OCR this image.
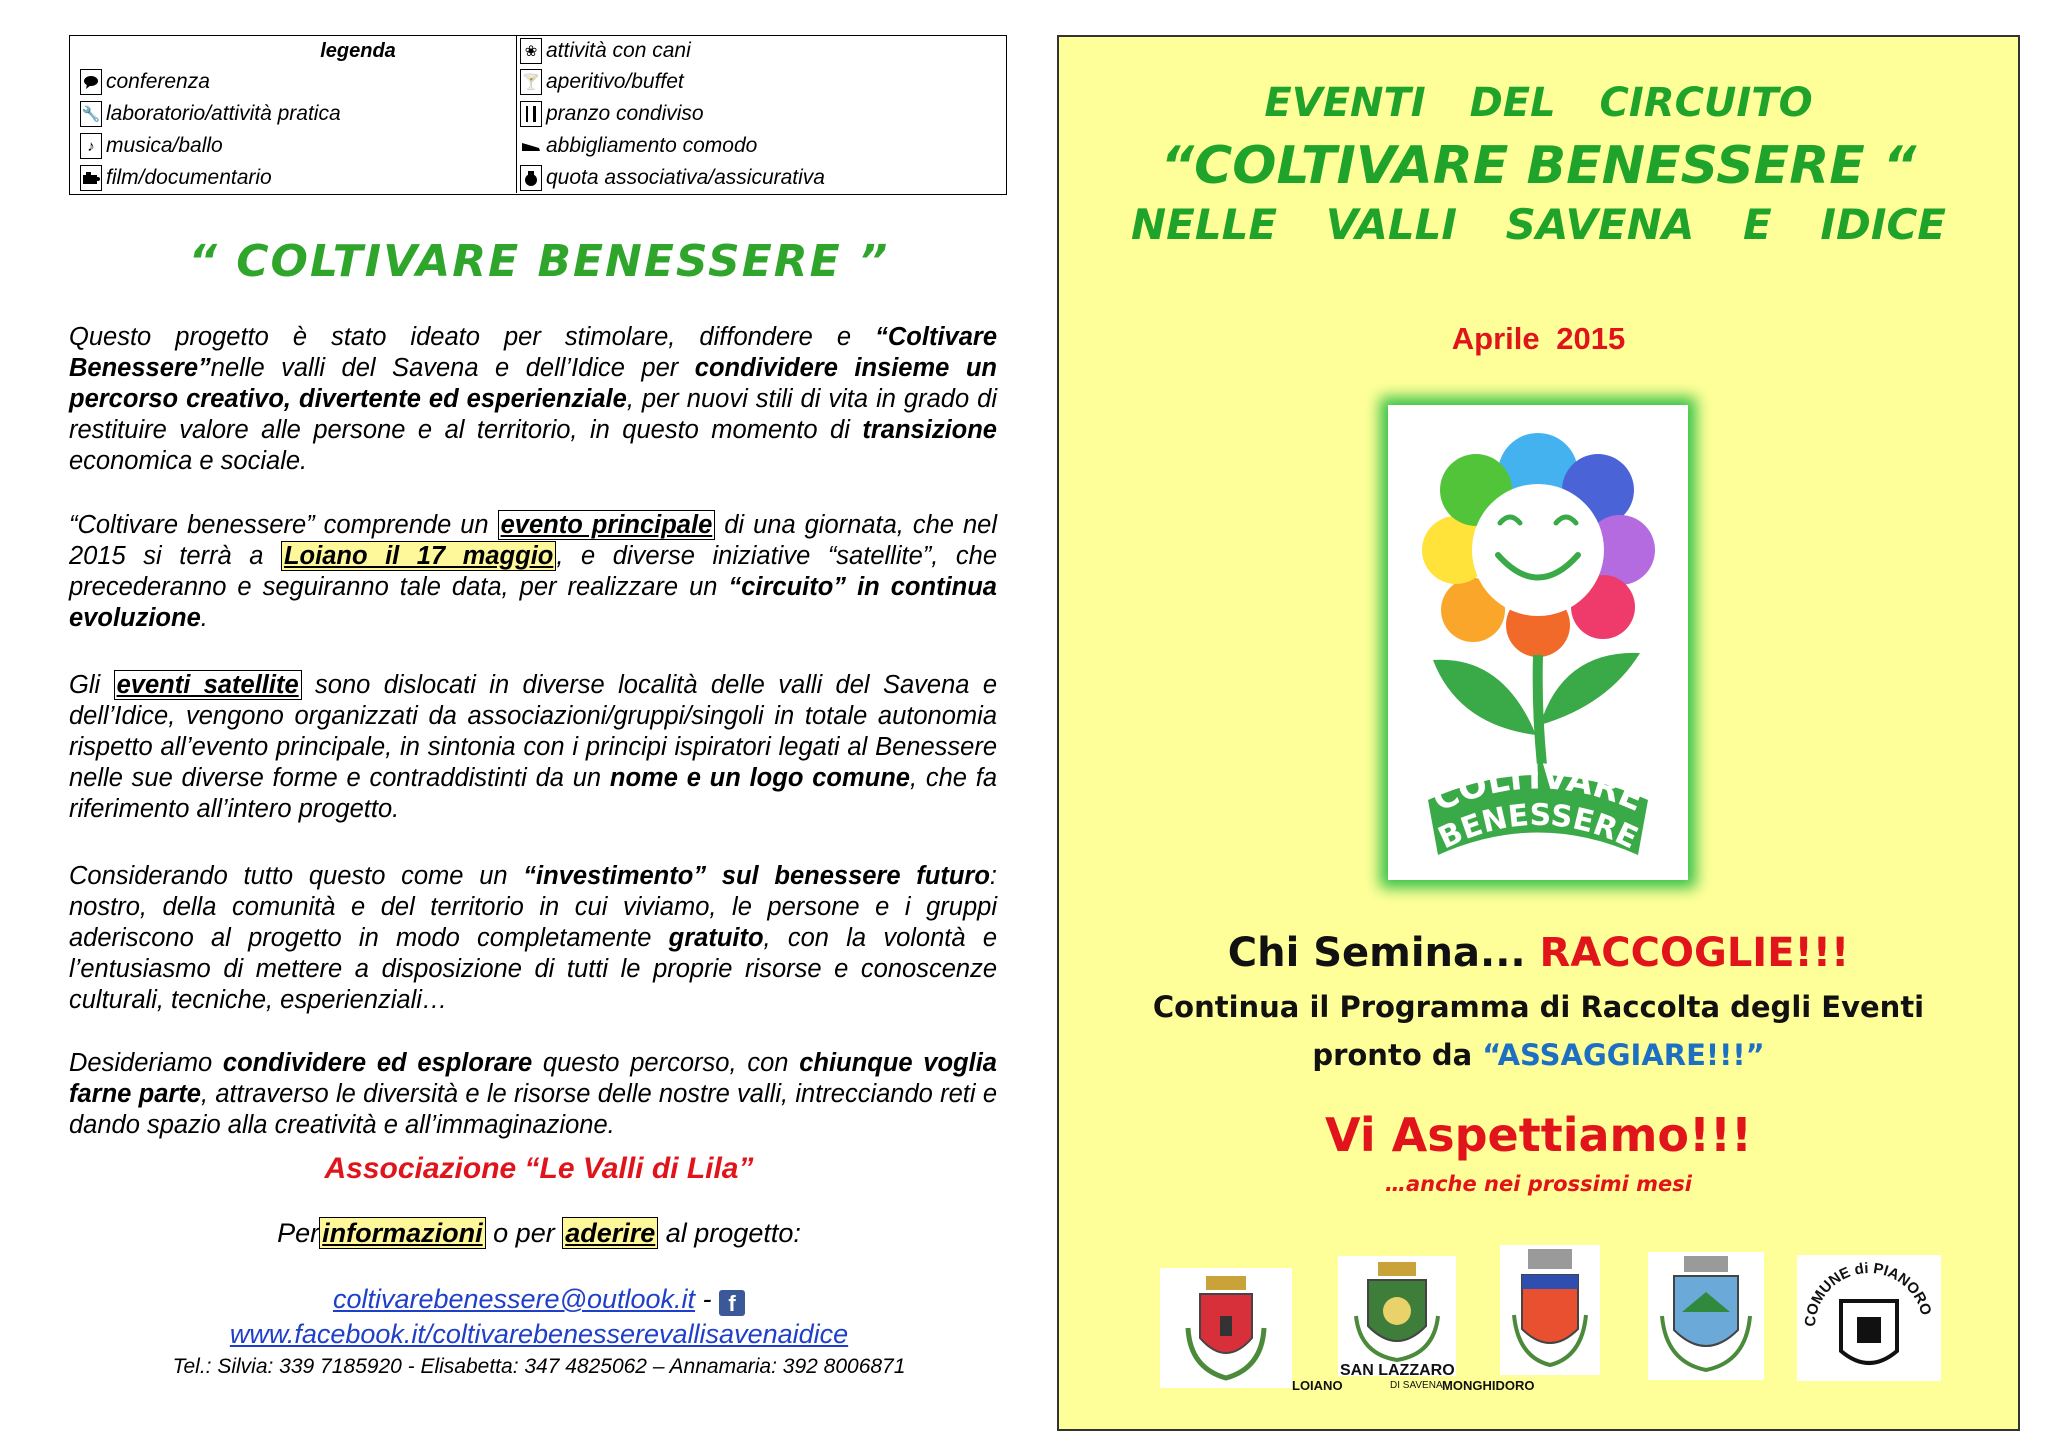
legenda
conferenza
🔧 laboratorio/attività pratica
♪ musica/ballo
film/documentario
❀ attività con cani
🍸 aperitivo/buffet
pranzo condiviso
abbigliamento comodo
quota associativa/assicurativa
“ COLTIVARE BENESSERE ”
Questo progetto è stato ideato per stimolare, diffondere e “Coltivare Benessere”nelle valli del Savena e dell’Idice per condividere insieme un percorso creativo, divertente ed esperienziale, per nuovi stili di vita in grado di restituire valore alle persone e al territorio, in questo momento di transizione economica e sociale.
“Coltivare benessere” comprende un evento principale di una giornata, che nel 2015 si terrà a Loiano il 17 maggio , e diverse iniziative “satellite”, che precederanno e seguiranno tale data, per realizzare un “circuito” in continua evoluzione.
Gli eventi satellite sono dislocati in diverse località delle valli del Savena e dell’Idice, vengono organizzati da associazioni/gruppi/singoli in totale autonomia rispetto all’evento principale, in sintonia con i principi ispiratori legati al Benessere nelle sue diverse forme e contraddistinti da un nome e un logo comune, che fa riferimento all’intero progetto.
Considerando tutto questo come un “investimento” sul benessere futuro: nostro, della comunità e del territorio in cui viviamo, le persone e i gruppi aderiscono al progetto in modo completamente gratuito, con la volontà e l’entusiasmo di mettere a disposizione di tutti le proprie risorse e conoscenze culturali, tecniche, esperienziali…
Desideriamo condividere ed esplorare questo percorso, con chiunque voglia farne parte, attraverso le diversità e le risorse delle nostre valli, intrecciando reti e dando spazio alla creatività e all’immaginazione.
Associazione “Le Valli di Lila”
Per informazioni o per aderire al progetto:
coltivarebenessere@outlook.it - f
www.facebook.it/coltivarebenesserevallisavenaidice
Tel.: Silvia: 339 7185920 - Elisabetta: 347 4825062 – Annamaria: 392 8006871
EVENTI DEL CIRCUITO
“COLTIVARE BENESSERE “
NELLE VALLI SAVENA E IDICE
Aprile 2015
COLTIVARE
BENESSERE
Chi Semina... RACCOGLIE!!!
Continua il Programma di Raccolta degli Eventi
pronto da “ASSAGGIARE!!!”
Vi Aspettiamo!!!
…anche nei prossimi mesi
LOIANO
SAN LAZZARO
DI SAVENA MONGHIDORO
COMUNE di PIANORO
